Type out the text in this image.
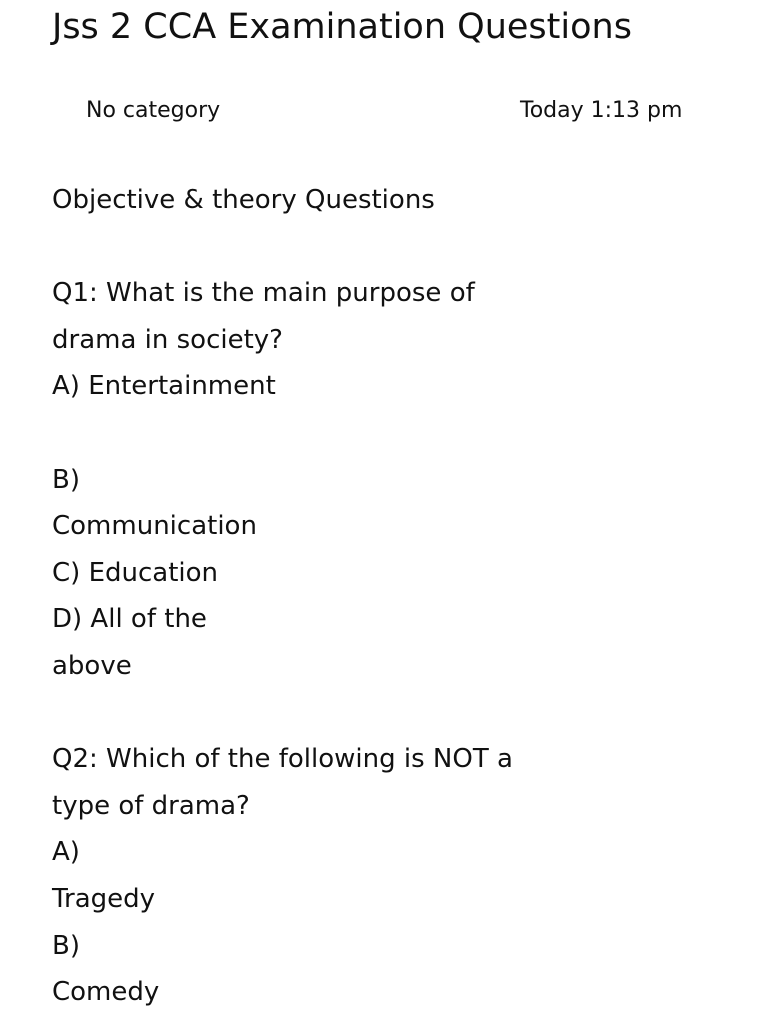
Jss 2 CCA Examination Questions
No category	Today 1:13 pm
Objective & theory Questions
Q1: What is the main purpose of
drama in society?
A) Entertainment
B)
Communication
C) Education
D) All of the
above
Q2: Which of the following is NOT a
type of drama?
A)
Tragedy
B)
Comedy
